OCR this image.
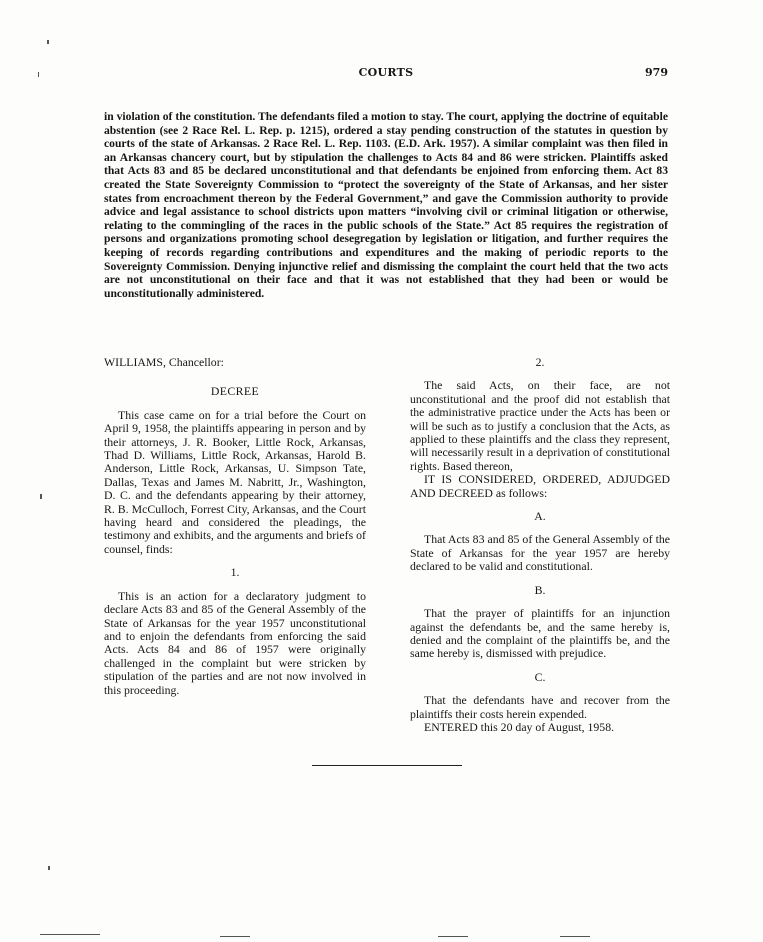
COURTS	979
in violation of the constitution. The defendants filed a motion to stay. The court, applying the doctrine of equitable abstention (see 2 Race Rel. L. Rep. p. 1215), ordered a stay pending construction of the statutes in question by courts of the state of Arkansas. 2 Race Rel. L. Rep. 1103. (E.D. Ark. 1957). A similar complaint was then filed in an Arkansas chancery court, but by stipulation the challenges to Acts 84 and 86 were stricken. Plaintiffs asked that Acts 83 and 85 be declared unconstitutional and that defendants be enjoined from enforcing them. Act 83 created the State Sovereignty Commission to “protect the sovereignty of the State of Arkansas, and her sister states from encroachment thereon by the Federal Government,” and gave the Commission authority to provide advice and legal assistance to school districts upon matters “involving civil or criminal litigation or otherwise, relating to the commingling of the races in the public schools of the State.” Act 85 requires the registration of persons and organizations promoting school desegregation by legislation or litigation, and further requires the keeping of records regarding contributions and expenditures and the making of periodic reports to the Sovereignty Commission. Denying injunctive relief and dismissing the complaint the court held that the two acts are not unconstitutional on their face and that it was not established that they had been or would be unconstitutionally administered.

WILLIAMS, Chancellor:

DECREE

This case came on for a trial before the Court on April 9, 1958, the plaintiffs appearing in person and by their attorneys, J. R. Booker, Little Rock, Arkansas, Thad D. Williams, Little Rock, Arkansas, Harold B. Anderson, Little Rock, Arkansas, U. Simpson Tate, Dallas, Texas and James M. Nabritt, Jr., Washington, D. C. and the defendants appearing by their attorney, R. B. McCulloch, Forrest City, Arkansas, and the Court having heard and considered the pleadings, the testimony and exhibits, and the arguments and briefs of counsel, finds:

1.

This is an action for a declaratory judgment to declare Acts 83 and 85 of the General Assembly of the State of Arkansas for the year 1957 unconstitutional and to enjoin the defendants from enforcing the said Acts. Acts 84 and 86 of 1957 were originally challenged in the complaint but were stricken by stipulation of the parties and are not now involved in this proceeding.

2.

The said Acts, on their face, are not unconstitutional and the proof did not establish that the administrative practice under the Acts has been or will be such as to justify a conclusion that the Acts, as applied to these plaintiffs and the class they represent, will necessarily result in a deprivation of constitutional rights. Based thereon,

IT IS CONSIDERED, ORDERED, ADJUDGED AND DECREED as follows:

A.

That Acts 83 and 85 of the General Assembly of the State of Arkansas for the year 1957 are hereby declared to be valid and constitutional.

B.

That the prayer of plaintiffs for an injunction against the defendants be, and the same hereby is, denied and the complaint of the plaintiffs be, and the same hereby is, dismissed with prejudice.

C.

That the defendants have and recover from the plaintiffs their costs herein expended.

ENTERED this 20 day of August, 1958.
